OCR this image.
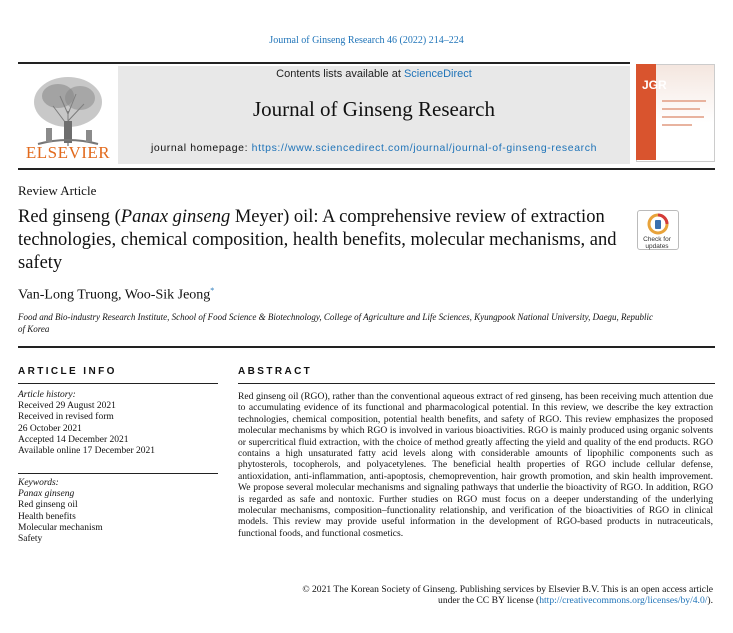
Journal of Ginseng Research 46 (2022) 214–224
ELSEVIER
Contents lists available at ScienceDirect
Journal of Ginseng Research
journal homepage: https://www.sciencedirect.com/journal/journal-of-ginseng-research
JGR
Review Article
Red ginseng (Panax ginseng Meyer) oil: A comprehensive review of extraction technologies, chemical composition, health benefits, molecular mechanisms, and safety
Check for updates
Van-Long Truong, Woo-Sik Jeong*
Food and Bio-industry Research Institute, School of Food Science & Biotechnology, College of Agriculture and Life Sciences, Kyungpook National University, Daegu, Republic of Korea
ARTICLE INFO	ABSTRACT
Article history:
Received 29 August 2021
Received in revised form
26 October 2021
Accepted 14 December 2021
Available online 17 December 2021
Keywords:
Panax ginseng
Red ginseng oil
Health benefits
Molecular mechanism
Safety
Red ginseng oil (RGO), rather than the conventional aqueous extract of red ginseng, has been receiving much attention due to accumulating evidence of its functional and pharmacological potential. In this review, we describe the key extraction technologies, chemical composition, potential health benefits, and safety of RGO. This review emphasizes the proposed molecular mechanisms by which RGO is involved in various bioactivities. RGO is mainly produced using organic solvents or supercritical fluid extraction, with the choice of method greatly affecting the yield and quality of the end products. RGO contains a high unsaturated fatty acid levels along with considerable amounts of lipophilic components such as phytosterols, tocopherols, and polyacetylenes. The beneficial health properties of RGO include cellular defense, antioxidation, anti-inflammation, anti-apoptosis, chemoprevention, hair growth promotion, and skin health improvement. We propose several molecular mechanisms and signaling pathways that underlie the bioactivity of RGO. In addition, RGO is regarded as safe and nontoxic. Further studies on RGO must focus on a deeper understanding of the underlying molecular mechanisms, composition–functionality relationship, and verification of the bioactivities of RGO in clinical models. This review may provide useful information in the development of RGO-based products in nutraceuticals, functional foods, and functional cosmetics.
© 2021 The Korean Society of Ginseng. Publishing services by Elsevier B.V. This is an open access article
under the CC BY license (http://creativecommons.org/licenses/by/4.0/).
